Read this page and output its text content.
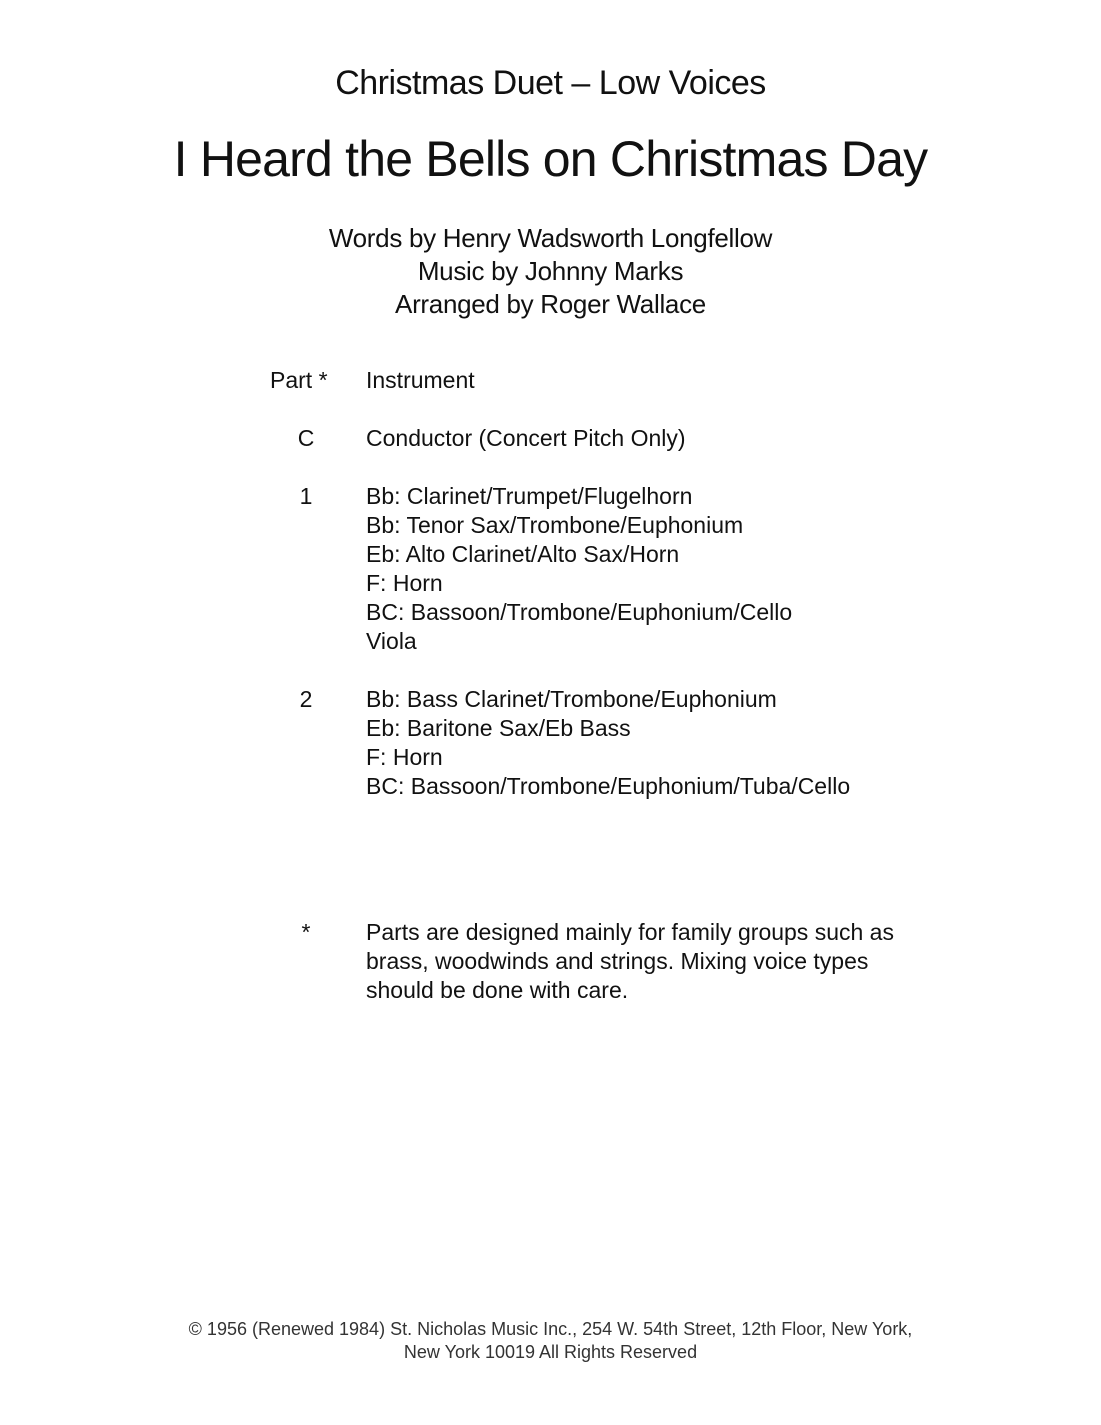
Christmas Duet – Low Voices
I Heard the Bells on Christmas Day
Words by Henry Wadsworth Longfellow
Music by Johnny Marks
Arranged by Roger Wallace
Part *	Instrument
C	Conductor (Concert Pitch Only)
1	Bb: Clarinet/Trumpet/Flugelhorn
Bb: Tenor Sax/Trombone/Euphonium
Eb: Alto Clarinet/Alto Sax/Horn
F: Horn
BC: Bassoon/Trombone/Euphonium/Cello
Viola
2	Bb: Bass Clarinet/Trombone/Euphonium
Eb: Baritone Sax/Eb Bass
F: Horn
BC: Bassoon/Trombone/Euphonium/Tuba/Cello
*	Parts are designed mainly for family groups such as
brass, woodwinds and strings. Mixing voice types
should be done with care.
© 1956 (Renewed 1984) St. Nicholas Music Inc., 254 W. 54th Street, 12th Floor, New York,
New York 10019 All Rights Reserved
